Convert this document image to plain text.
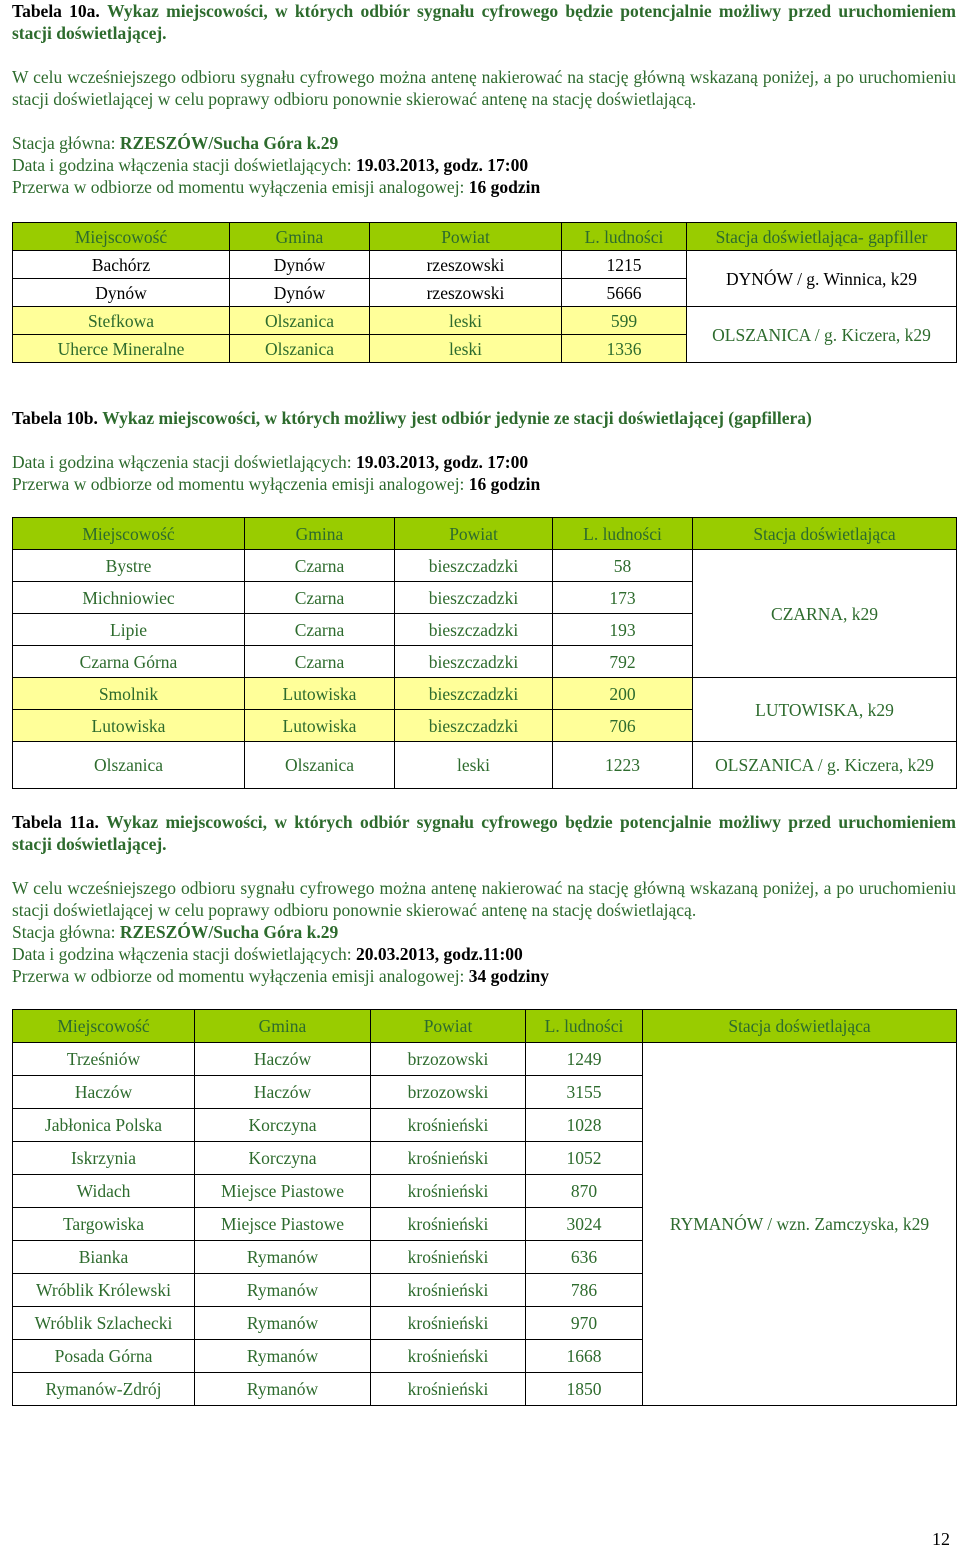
Tabela 10a. Wykaz miejscowości, w których odbiór sygnału cyfrowego będzie potencjalnie możliwy przed uruchomieniem stacji doświetlającej.

W celu wcześniejszego odbioru sygnału cyfrowego można antenę nakierować na stację główną wskazaną poniżej, a po uruchomieniu stacji doświetlającej w celu poprawy odbioru ponownie skierować antenę na stację doświetlającą.

Stacja główna: RZESZÓW/Sucha Góra k.29

Data i godzina włączenia stacji doświetlających: 19.03.2013, godz. 17:00

Przerwa w odbiorze od momentu wyłączenia emisji analogowej: 16 godzin

Miejscowość	Gmina	Powiat	L. ludności	Stacja doświetlająca- gapfiller
Bachórz	Dynów	rzeszowski	1215	DYNÓW / g. Winnica, k29
Dynów	Dynów	rzeszowski	5666	
Stefkowa	Olszanica	leski	599	OLSZANICA / g. Kiczera, k29
Uherce Mineralne	Olszanica	leski	1336	

Tabela 10b. Wykaz miejscowości, w których możliwy jest odbiór jedynie ze stacji doświetlającej (gapfillera)

Data i godzina włączenia stacji doświetlających: 19.03.2013, godz. 17:00

Przerwa w odbiorze od momentu wyłączenia emisji analogowej: 16 godzin

Miejscowość	Gmina	Powiat	L. ludności	Stacja doświetlająca
Bystre	Czarna	bieszczadzki	58	CZARNA, k29
Michniowiec	Czarna	bieszczadzki	173	
Lipie	Czarna	bieszczadzki	193	
Czarna Górna	Czarna	bieszczadzki	792	
Smolnik	Lutowiska	bieszczadzki	200	LUTOWISKA, k29
Lutowiska	Lutowiska	bieszczadzki	706	
Olszanica	Olszanica	leski	1223	OLSZANICA / g. Kiczera, k29

Tabela 11a. Wykaz miejscowości, w których odbiór sygnału cyfrowego będzie potencjalnie możliwy przed uruchomieniem stacji doświetlającej.

W celu wcześniejszego odbioru sygnału cyfrowego można antenę nakierować na stację główną wskazaną poniżej, a po uruchomieniu stacji doświetlającej w celu poprawy odbioru ponownie skierować antenę na stację doświetlającą.

Stacja główna: RZESZÓW/Sucha Góra k.29

Data i godzina włączenia stacji doświetlających: 20.03.2013, godz.11:00

Przerwa w odbiorze od momentu wyłączenia emisji analogowej: 34 godziny

Miejscowość	Gmina	Powiat	L. ludności	Stacja doświetlająca
Trześniów	Haczów	brzozowski	1249	RYMANÓW / wzn. Zamczyska, k29
Haczów	Haczów	brzozowski	3155	
Jabłonica Polska	Korczyna	krośnieński	1028	
Iskrzynia	Korczyna	krośnieński	1052	
Widach	Miejsce Piastowe	krośnieński	870	
Targowiska	Miejsce Piastowe	krośnieński	3024	
Bianka	Rymanów	krośnieński	636	
Wróblik Królewski	Rymanów	krośnieński	786	
Wróblik Szlachecki	Rymanów	krośnieński	970	
Posada Górna	Rymanów	krośnieński	1668	
Rymanów-Zdrój	Rymanów	krośnieński	1850	
12
